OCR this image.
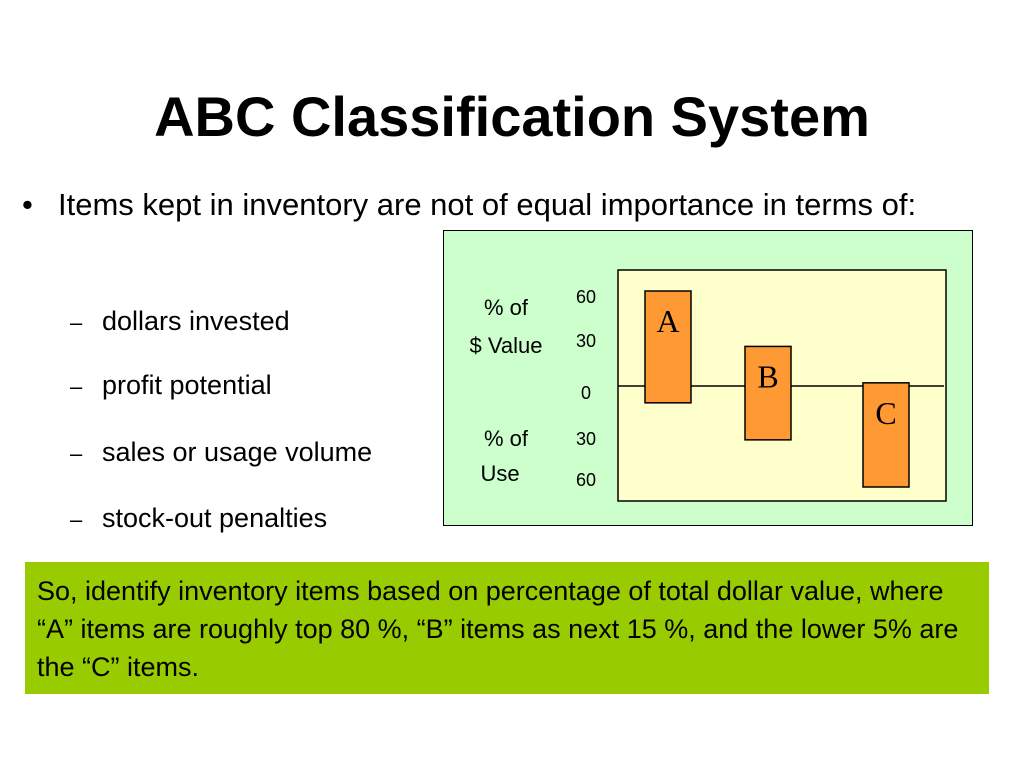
ABC Classification System
• Items kept in inventory are not of equal importance in terms of:
– dollars invested
– profit potential
– sales or usage volume
– stock-out penalties
% of
$ Value
% of
Use
60
30
0
30
60
A
B
C
So, identify inventory items based on percentage of total dollar value, where “A” items are roughly top 80 %, “B” items as next 15 %, and the lower 5% are the “C” items.
